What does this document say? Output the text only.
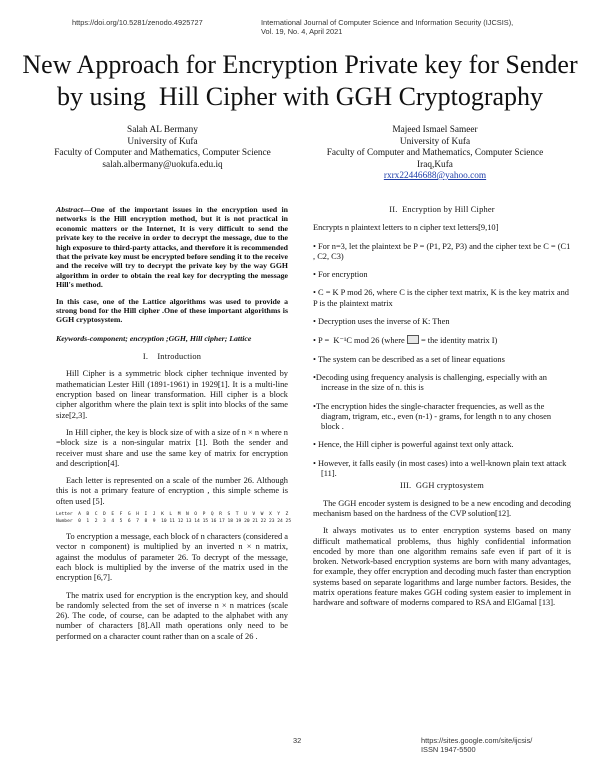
https://doi.org/10.5281/zenodo.4925727	International Journal of Computer Science and Information Security (IJCSIS),
Vol. 19, No. 4, April 2021
New Approach for Encryption Private key for Sender
by using  Hill Cipher with GGH Cryptography
Salah AL Bermany
University of Kufa
Faculty of Computer and Mathematics, Computer Science
salah.albermany@uokufa.edu.iq
Majeed Ismael Sameer
University of Kufa
Faculty of Computer and Mathematics, Computer Science
Iraq,Kufa
rxrx22446688@yahoo.com

Abstract—One of the important issues in the encryption used in networks is the Hill encryption method, but it is not practical in economic matters or the Internet, It is very difficult to send the private key to the receive in order to decrypt the message, due to the high exposure to third-party attacks, and therefore it is recommended that the private key must be encrypted before sending it to the receive and the receive will try to decrypt the private key by the way GGH algorithm in order to obtain the real key for decrypting the message Hill's method.

In this case, one of the Lattice algorithms was used to provide a strong bond for the Hill cipher .One of these important algorithms is GGH cryptosystem.

Keywords-component; encryption ;GGH, Hill cipher; Lattice

I.    Introduction

Hill Cipher is a symmetric block cipher technique invented by mathematician Lester Hill (1891-1961) in 1929[1]. It is a multi-line encryption based on linear transformation. Hill cipher is a block cipher algorithm where the plain text is split into blocks of the same size[2,3].

In Hill cipher, the key is block size of with a size of n × n where n =block size is a non-singular matrix [1]. Both the sender and receiver must share and use the same key of matrix for encryption and description[4].

Each letter is represented on a scale of the number 26. Although this is not a primary feature of encryption , this simple scheme is often used [5].

Letter  A  B  C  D  E  F  G  H  I  J  K  L  M  N  O  P  Q  R  S  T  U  V  W  X  Y  Z
Number  0  1  2  3  4  5  6  7  8  9  10 11 12 13 14 15 16 17 18 19 20 21 22 23 24 25

To encryption a message, each block of n characters (considered a vector n component) is multiplied by an inverted n × n matrix, against the modulus of parameter 26. To decrypt of the message, each block is multiplied by the inverse of the matrix used in the encryption [6,7].

The matrix used for encryption is the encryption key, and should be randomly selected from the set of inverse n × n matrices (scale 26). The code, of course, can be adapted to the alphabet with any number of characters [8].All math operations only need to be performed on a character count rather than on a scale of 26 .

II.  Encryption by Hill Cipher

Encrypts n plaintext letters to n cipher text letters[9,10]

• For n=3, let the plaintext be P = (P1, P2, P3) and the cipher text be C = (C1 , C2, C3)

• For encryption

• C = K P mod 26, where C is the cipher text matrix, K is the key matrix and P is the plaintext matrix

• Decryption uses the inverse of K: Then

• P =  K⁻¹C mod 26 (where  = the identity matrix I)

• The system can be described as a set of linear equations

•Decoding using frequency analysis is challenging, especially with an increase in the size of n. this is

•The encryption hides the single-character frequencies, as well as the diagram, trigram, etc., even (n-1) - grams, for length n to any chosen block .

• Hence, the Hill cipher is powerful against text only attack.

• However, it falls easily (in most cases) into a well-known plain text attack [11].

III.  GGH cryptosystem

The GGH encoder system is designed to be a new encoding and decoding mechanism based on the hardness of the CVP solution[12].

It always motivates us to enter encryption systems based on many difficult mathematical problems, thus highly confidential information encoded by more than one algorithm remains safe even if part of it is broken. Network-based encryption systems are born with many advantages, for example, they offer encryption and decoding much faster than encryption systems based on separate logarithms and large number factors. Besides, the matrix operations feature makes GGH coding system easier to implement in hardware and software of moderns compared to RSA and ElGamal [13].

32	https://sites.google.com/site/ijcsis/
ISSN 1947-5500
